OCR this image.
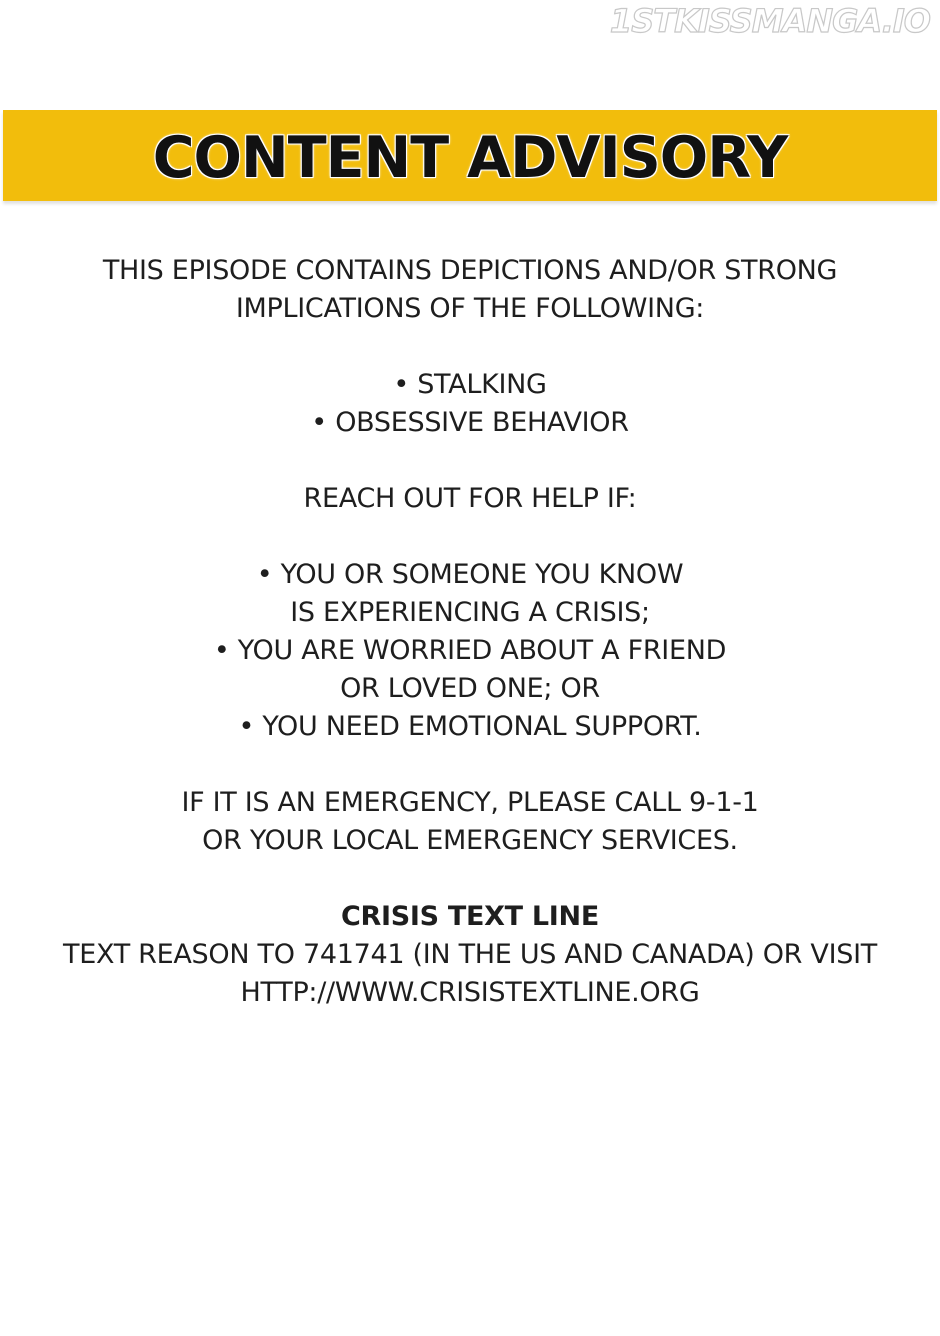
1STKISSMANGA.IO
CONTENT ADVISORY
THIS EPISODE CONTAINS DEPICTIONS AND/OR STRONG
IMPLICATIONS OF THE FOLLOWING:
• STALKING
• OBSESSIVE BEHAVIOR
REACH OUT FOR HELP IF:
• YOU OR SOMEONE YOU KNOW
IS EXPERIENCING A CRISIS;
• YOU ARE WORRIED ABOUT A FRIEND
OR LOVED ONE; OR
• YOU NEED EMOTIONAL SUPPORT.
IF IT IS AN EMERGENCY, PLEASE CALL 9-1-1
OR YOUR LOCAL EMERGENCY SERVICES.
CRISIS TEXT LINE
TEXT REASON TO 741741 (IN THE US AND CANADA) OR VISIT
HTTP://WWW.CRISISTEXTLINE.ORG
